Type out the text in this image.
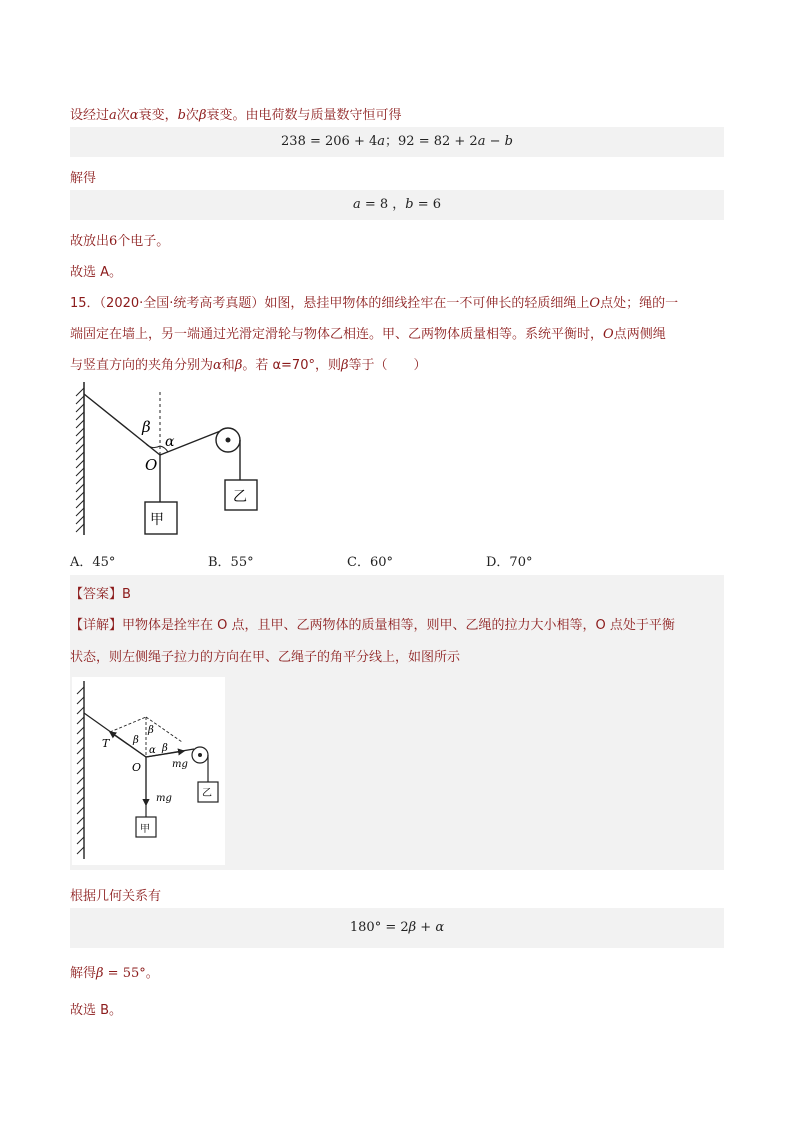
设经过a次α衰变，b次β衰变。由电荷数与质量数守恒可得
238 = 206 + 4a；92 = 82 + 2a − b
解得
a = 8 ，b = 6
故放出6个电子。
故选 A。
15．（2020·全国·统考高考真题）如图，悬挂甲物体的细线拴牢在一不可伸长的轻质细绳上O点处；绳的一
端固定在墙上，另一端通过光滑定滑轮与物体乙相连。甲、乙两物体质量相等。系统平衡时，O点两侧绳
与竖直方向的夹角分别为α和β。若 α=70°，则β等于（　　）
β
α
O
甲
乙
A．45°	B．55°	C．60°	D．70°
【答案】B
【详解】甲物体是拴牢在 O 点，且甲、乙两物体的质量相等，则甲、乙绳的拉力大小相等，O 点处于平衡
状态，则左侧绳子拉力的方向在甲、乙绳子的角平分线上，如图所示
T β
β
α β
O	mg
mg
甲
乙
根据几何关系有
180° = 2β + α
解得β = 55°。
故选 B。
